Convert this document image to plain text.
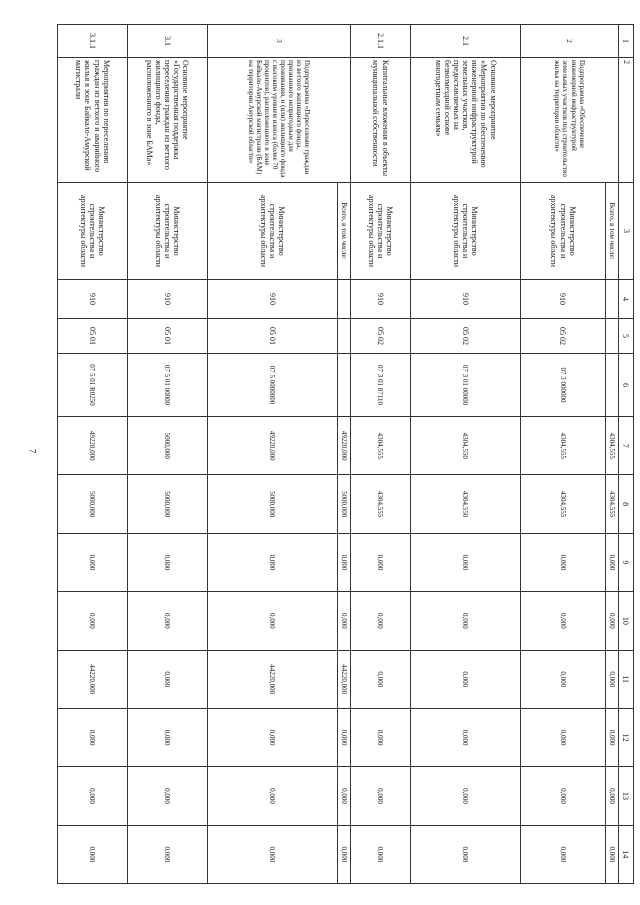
7
1	2	3	4	5	6	7	8	9	10	11	12	13	14
2	Подпрограмма «Обеспечение инженерной инфраструктурой земельных участков под строительство жилья на территории области»	Всего, в том числе:				4304,555	4304,555	0,000	0,000	0,000	0,000	0,000	0,000
		Министерство строительства и архитектуры области	910	05 02	07 3 000000	4304,555	4304,555	0,000	0,000	0,000	0,000	0,000	0,000
2.1	Основное мероприятие «Мероприятия по обеспечению инженерной инфраструктурой земельных участков, предоставляемых на безвозмездной основе многодетным семьям»	Министерство строительства и архитектуры области	910	05 02	07 3 01 00000	4304,550	4304,550	0,000	0,000	0,000	0,000	0,000	0,000
2.1.1	Капитальные вложения в объекты муниципальной собственности	Министерство строительства и архитектуры области	910	05 02	07 3 01 87110	4304,555	4304,555	0,000	0,000	0,000	0,000	0,000	0,000
3	Подпрограмма «Переселение граждан из ветхого жилищного фонда, признанного непригодным для проживания, и (или) жилищного фонда с высоким уровнем износа (более 70 процентов), расположенного в зоне Байкало-Амурской магистрали (БАМ) на территории Амурской области»	Всего, в том числе:				49220,000	5000,000	0,000	0,000	44220,000	0,000	0,000	0,000
		Министерство строительства и архитектуры области	910	05 01	07 5 0000000	49220,000	5000,000	0,000	0,000	44220,000	0,000	0,000	0,000
3.1	Основное мероприятие «Государственная поддержка переселения граждан из ветхого жилищного фонда, расположенного в зоне БАМа»	Министерство строительства и архитектуры области	910	05 01	07 5 01 00000	5000,000	5000,000	0,000	0,000	0,000	0,000	0,000	0,000
3.1.1	Мероприятия по переселению граждан из ветхого и аварийного жилья в зоне Байкало-Амурской магистрали	Министерство строительства и архитектуры области	910	05 01	07 5 01 R0250	49220,000	5000,000	0,000	0,000	44220,000	0,000	0,000	0,000
